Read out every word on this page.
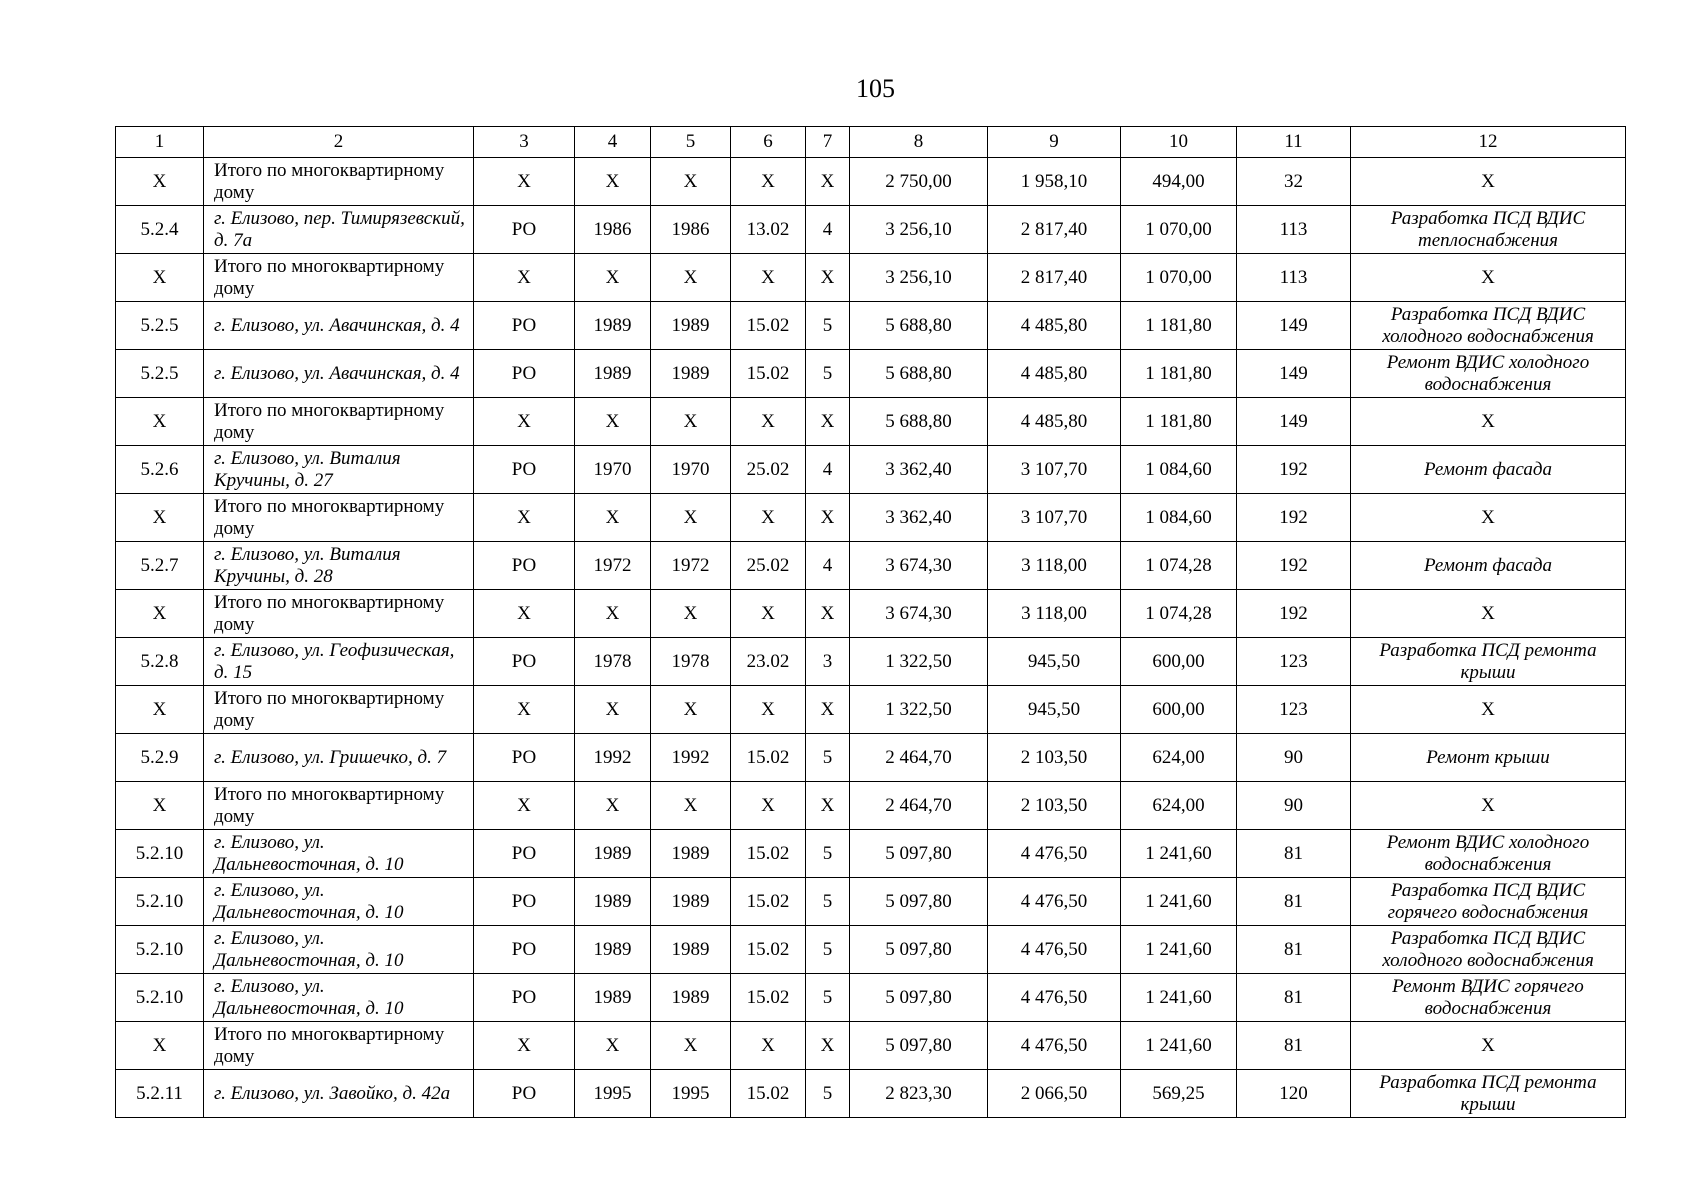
105
1	2	3	4	5	6	7	8	9	10	11	12
Х	Итого по многоквартирному дому	Х	Х	Х	Х	Х	2 750,00	1 958,10	494,00	32	Х
5.2.4	г. Елизово, пер. Тимирязевский, д. 7а	РО	1986	1986	13.02	4	3 256,10	2 817,40	1 070,00	113	Разработка ПСД ВДИС теплоснабжения
Х	Итого по многоквартирному дому	Х	Х	Х	Х	Х	3 256,10	2 817,40	1 070,00	113	Х
5.2.5	г. Елизово, ул. Авачинская, д. 4	РО	1989	1989	15.02	5	5 688,80	4 485,80	1 181,80	149	Разработка ПСД ВДИС холодного водоснабжения
5.2.5	г. Елизово, ул. Авачинская, д. 4	РО	1989	1989	15.02	5	5 688,80	4 485,80	1 181,80	149	Ремонт ВДИС холодного водоснабжения
Х	Итого по многоквартирному дому	Х	Х	Х	Х	Х	5 688,80	4 485,80	1 181,80	149	Х
5.2.6	г. Елизово, ул. Виталия Кручины, д. 27	РО	1970	1970	25.02	4	3 362,40	3 107,70	1 084,60	192	Ремонт фасада
Х	Итого по многоквартирному дому	Х	Х	Х	Х	Х	3 362,40	3 107,70	1 084,60	192	Х
5.2.7	г. Елизово, ул. Виталия Кручины, д. 28	РО	1972	1972	25.02	4	3 674,30	3 118,00	1 074,28	192	Ремонт фасада
Х	Итого по многоквартирному дому	Х	Х	Х	Х	Х	3 674,30	3 118,00	1 074,28	192	Х
5.2.8	г. Елизово, ул. Геофизическая, д. 15	РО	1978	1978	23.02	3	1 322,50	945,50	600,00	123	Разработка ПСД ремонта крыши
Х	Итого по многоквартирному дому	Х	Х	Х	Х	Х	1 322,50	945,50	600,00	123	Х
5.2.9	г. Елизово, ул. Гришечко, д. 7	РО	1992	1992	15.02	5	2 464,70	2 103,50	624,00	90	Ремонт крыши
Х	Итого по многоквартирному дому	Х	Х	Х	Х	Х	2 464,70	2 103,50	624,00	90	Х
5.2.10	г. Елизово, ул. Дальневосточная, д. 10	РО	1989	1989	15.02	5	5 097,80	4 476,50	1 241,60	81	Ремонт ВДИС холодного водоснабжения
5.2.10	г. Елизово, ул. Дальневосточная, д. 10	РО	1989	1989	15.02	5	5 097,80	4 476,50	1 241,60	81	Разработка ПСД ВДИС горячего водоснабжения
5.2.10	г. Елизово, ул. Дальневосточная, д. 10	РО	1989	1989	15.02	5	5 097,80	4 476,50	1 241,60	81	Разработка ПСД ВДИС холодного водоснабжения
5.2.10	г. Елизово, ул. Дальневосточная, д. 10	РО	1989	1989	15.02	5	5 097,80	4 476,50	1 241,60	81	Ремонт ВДИС горячего водоснабжения
Х	Итого по многоквартирному дому	Х	Х	Х	Х	Х	5 097,80	4 476,50	1 241,60	81	Х
5.2.11	г. Елизово, ул. Завойко, д. 42а	РО	1995	1995	15.02	5	2 823,30	2 066,50	569,25	120	Разработка ПСД ремонта крыши
